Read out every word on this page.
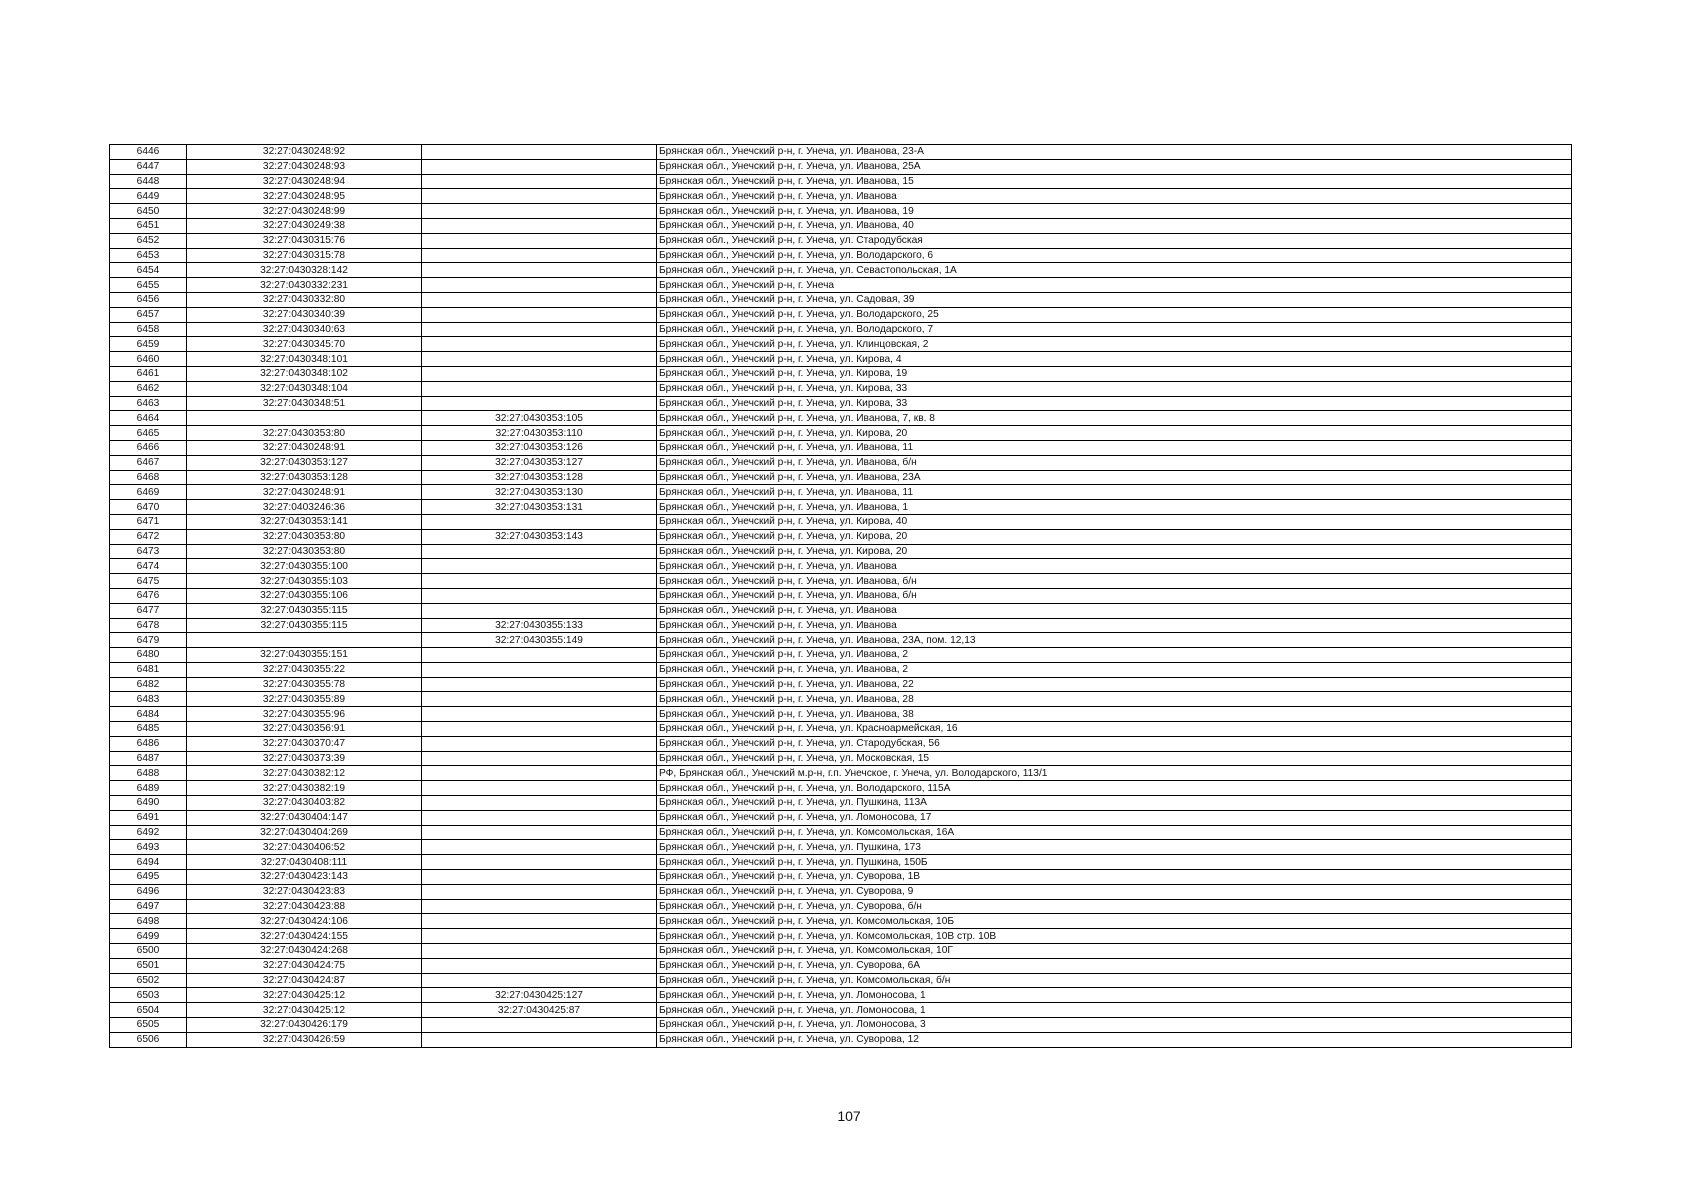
6446	32:27:0430248:92		Брянская обл., Унечский р-н, г. Унеча, ул. Иванова, 23-А
6447	32:27:0430248:93		Брянская обл., Унечский р-н, г. Унеча, ул. Иванова, 25А
6448	32:27:0430248:94		Брянская обл., Унечский р-н, г. Унеча, ул. Иванова, 15
6449	32:27:0430248:95		Брянская обл., Унечский р-н, г. Унеча, ул. Иванова
6450	32:27:0430248:99		Брянская обл., Унечский р-н, г. Унеча, ул. Иванова, 19
6451	32:27:0430249:38		Брянская обл., Унечский р-н, г. Унеча, ул. Иванова, 40
6452	32:27:0430315:76		Брянская обл., Унечский р-н, г. Унеча, ул. Стародубская
6453	32:27:0430315:78		Брянская обл., Унечский р-н, г. Унеча, ул. Володарского, 6
6454	32:27:0430328:142		Брянская обл., Унечский р-н, г. Унеча, ул. Севастопольская, 1А
6455	32:27:0430332:231		Брянская обл., Унечский р-н, г. Унеча
6456	32:27:0430332:80		Брянская обл., Унечский р-н, г. Унеча, ул. Садовая, 39
6457	32:27:0430340:39		Брянская обл., Унечский р-н, г. Унеча, ул. Володарского, 25
6458	32:27:0430340:63		Брянская обл., Унечский р-н, г. Унеча, ул. Володарского, 7
6459	32:27:0430345:70		Брянская обл., Унечский р-н, г. Унеча, ул. Клинцовская, 2
6460	32:27:0430348:101		Брянская обл., Унечский р-н, г. Унеча, ул. Кирова, 4
6461	32:27:0430348:102		Брянская обл., Унечский р-н, г. Унеча, ул. Кирова, 19
6462	32:27:0430348:104		Брянская обл., Унечский р-н, г. Унеча, ул. Кирова, 33
6463	32:27:0430348:51		Брянская обл., Унечский р-н, г. Унеча, ул. Кирова, 33
6464		32:27:0430353:105	Брянская обл., Унечский р-н, г. Унеча, ул. Иванова, 7, кв. 8
6465	32:27:0430353:80	32:27:0430353:110	Брянская обл., Унечский р-н, г. Унеча, ул. Кирова, 20
6466	32:27:0430248:91	32:27:0430353:126	Брянская обл., Унечский р-н, г. Унеча, ул. Иванова, 11
6467	32:27:0430353:127	32:27:0430353:127	Брянская обл., Унечский р-н, г. Унеча, ул. Иванова, б/н
6468	32:27:0430353:128	32:27:0430353:128	Брянская обл., Унечский р-н, г. Унеча, ул. Иванова, 23А
6469	32:27:0430248:91	32:27:0430353:130	Брянская обл., Унечский р-н, г. Унеча, ул. Иванова, 11
6470	32:27:0403246:36	32:27:0430353:131	Брянская обл., Унечский р-н, г. Унеча, ул. Иванова, 1
6471	32:27:0430353:141		Брянская обл., Унечский р-н, г. Унеча, ул. Кирова, 40
6472	32:27:0430353:80	32:27:0430353:143	Брянская обл., Унечский р-н, г. Унеча, ул. Кирова, 20
6473	32:27:0430353:80		Брянская обл., Унечский р-н, г. Унеча, ул. Кирова, 20
6474	32:27:0430355:100		Брянская обл., Унечский р-н, г. Унеча, ул. Иванова
6475	32:27:0430355:103		Брянская обл., Унечский р-н, г. Унеча, ул. Иванова, б/н
6476	32:27:0430355:106		Брянская обл., Унечский р-н, г. Унеча, ул. Иванова, б/н
6477	32:27:0430355:115		Брянская обл., Унечский р-н, г. Унеча, ул. Иванова
6478	32:27:0430355:115	32:27:0430355:133	Брянская обл., Унечский р-н, г. Унеча, ул. Иванова
6479		32:27:0430355:149	Брянская обл., Унечский р-н, г. Унеча, ул. Иванова, 23А, пом. 12,13
6480	32:27:0430355:151		Брянская обл., Унечский р-н, г. Унеча, ул. Иванова, 2
6481	32:27:0430355:22		Брянская обл., Унечский р-н, г. Унеча, ул. Иванова, 2
6482	32:27:0430355:78		Брянская обл., Унечский р-н, г. Унеча, ул. Иванова, 22
6483	32:27:0430355:89		Брянская обл., Унечский р-н, г. Унеча, ул. Иванова, 28
6484	32:27:0430355:96		Брянская обл., Унечский р-н, г. Унеча, ул. Иванова, 38
6485	32:27:0430356:91		Брянская обл., Унечский р-н, г. Унеча, ул. Красноармейская, 16
6486	32:27:0430370:47		Брянская обл., Унечский р-н, г. Унеча, ул. Стародубская, 56
6487	32:27:0430373:39		Брянская обл., Унечский р-н, г. Унеча, ул. Московская, 15
6488	32:27:0430382:12		РФ, Брянская обл., Унечский м.р-н, г.п. Унечское, г. Унеча, ул. Володарского, 113/1
6489	32:27:0430382:19		Брянская обл., Унечский р-н, г. Унеча, ул. Володарского, 115А
6490	32:27:0430403:82		Брянская обл., Унечский р-н, г. Унеча, ул. Пушкина, 113А
6491	32:27:0430404:147		Брянская обл., Унечский р-н, г. Унеча, ул. Ломоносова, 17
6492	32:27:0430404:269		Брянская обл., Унечский р-н, г. Унеча, ул. Комсомольская, 16А
6493	32:27:0430406:52		Брянская обл., Унечский р-н, г. Унеча, ул. Пушкина, 173
6494	32:27:0430408:111		Брянская обл., Унечский р-н, г. Унеча, ул. Пушкина, 150Б
6495	32:27:0430423:143		Брянская обл., Унечский р-н, г. Унеча, ул. Суворова, 1В
6496	32:27:0430423:83		Брянская обл., Унечский р-н, г. Унеча, ул. Суворова, 9
6497	32:27:0430423:88		Брянская обл., Унечский р-н, г. Унеча, ул. Суворова, б/н
6498	32:27:0430424:106		Брянская обл., Унечский р-н, г. Унеча, ул. Комсомольская, 10Б
6499	32:27:0430424:155		Брянская обл., Унечский р-н, г. Унеча, ул. Комсомольская, 10В стр. 10В
6500	32:27:0430424:268		Брянская обл., Унечский р-н, г. Унеча, ул. Комсомольская, 10Г
6501	32:27:0430424:75		Брянская обл., Унечский р-н, г. Унеча, ул. Суворова, 6А
6502	32:27:0430424:87		Брянская обл., Унечский р-н, г. Унеча, ул. Комсомольская, б/н
6503	32:27:0430425:12	32:27:0430425:127	Брянская обл., Унечский р-н, г. Унеча, ул. Ломоносова, 1
6504	32:27:0430425:12	32:27:0430425:87	Брянская обл., Унечский р-н, г. Унеча, ул. Ломоносова, 1
6505	32:27:0430426:179		Брянская обл., Унечский р-н, г. Унеча, ул. Ломоносова, 3
6506	32:27:0430426:59		Брянская обл., Унечский р-н, г. Унеча, ул. Суворова, 12
107
